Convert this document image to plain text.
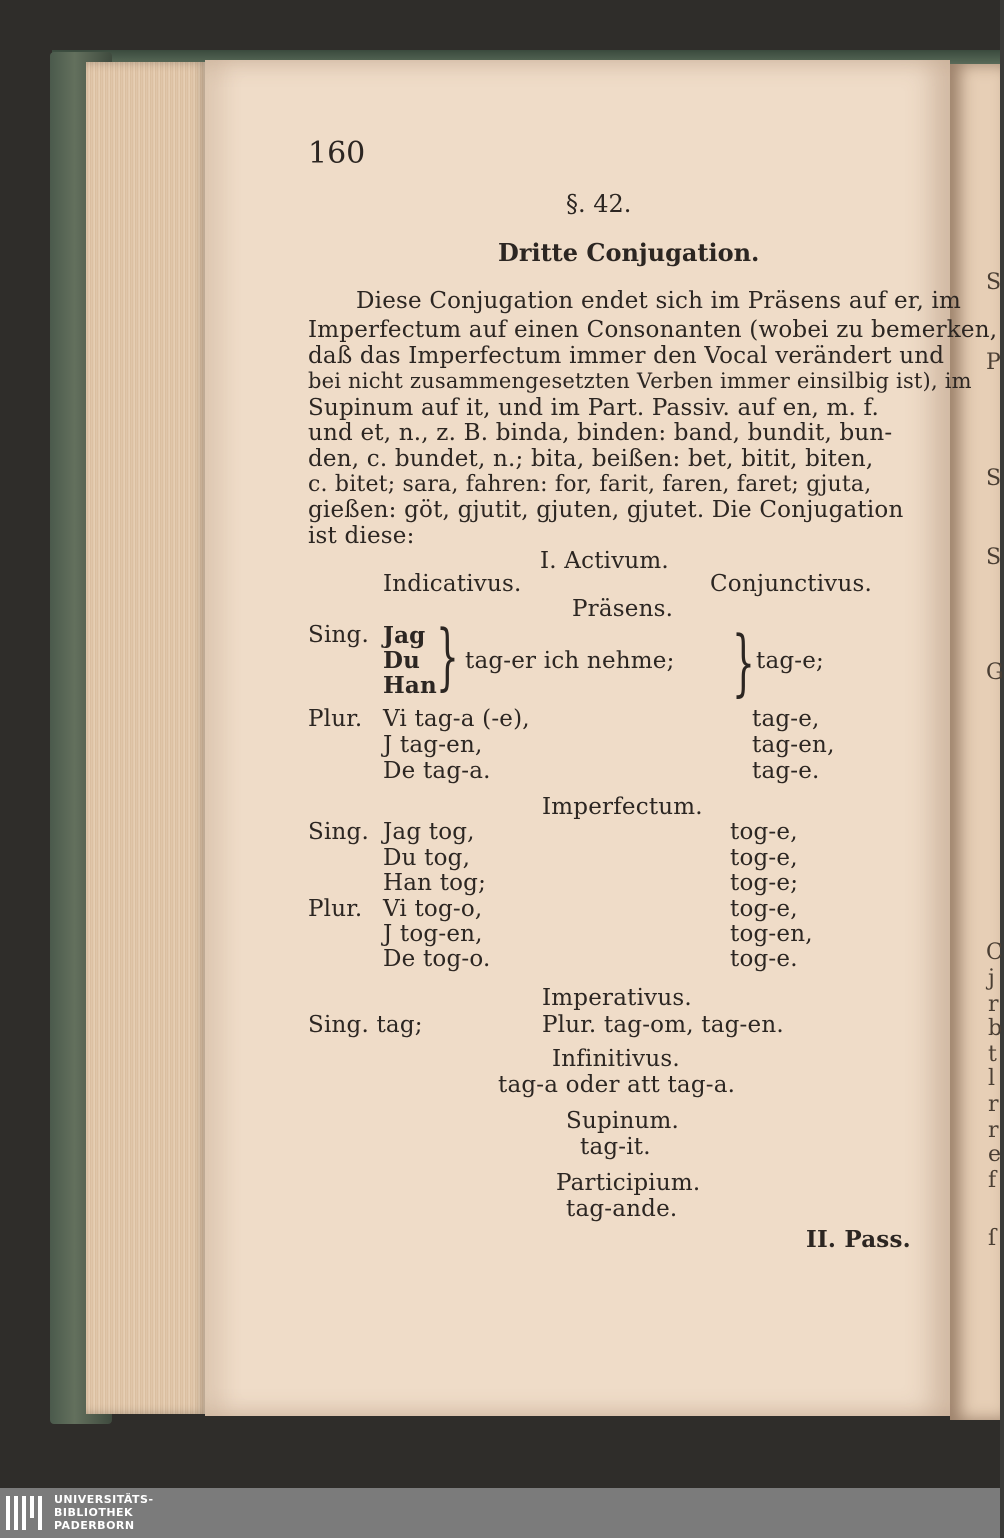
160
§. 42.
Dritte Conjugation.
Diese Conjugation endet sich im Präsens auf er, im
Imperfectum auf einen Consonanten (wobei zu bemerken,
daß das Imperfectum immer den Vocal verändert und
bei nicht zusammengesetzten Verben immer einsilbig ist), im
Supinum auf it, und im Part. Passiv. auf en, m. f.
und et, n., z. B. binda, binden: band, bundit, bun-
den, c. bundet, n.; bita, beißen: bet, bitit, biten,
c. bitet; sara, fahren: for, farit, faren, faret; gjuta,
gießen: göt, gjutit, gjuten, gjutet. Die Conjugation
ist diese:
I. Activum.
Indicativus.	Conjunctivus.
Präsens.
Sing. Jag
Du
Han } tag-er ich nehme; } tag-e;
Plur. Vi tag-a (-e),	tag-e,
J tag-en,	tag-en,
De tag-a.	tag-e.
Imperfectum.
Sing. Jag tog,	tog-e,
Du tog,	tog-e,
Han tog;	tog-e;
Plur. Vi tog-o,	tog-e,
J tog-en,	tog-en,
De tog-o.	tog-e.
Imperativus.
Sing. tag;	Plur. tag-om, tag-en.
Infinitivus.
tag-a oder att tag-a.
Supinum.
tag-it.
Participium.
tag-ande.
II. Pass.
S
P
S
S
G
C
j
r
b
t
l
r
r
e
f
ſ
UNIVERSITÄTS-
BIBLIOTHEK
PADERBORN
